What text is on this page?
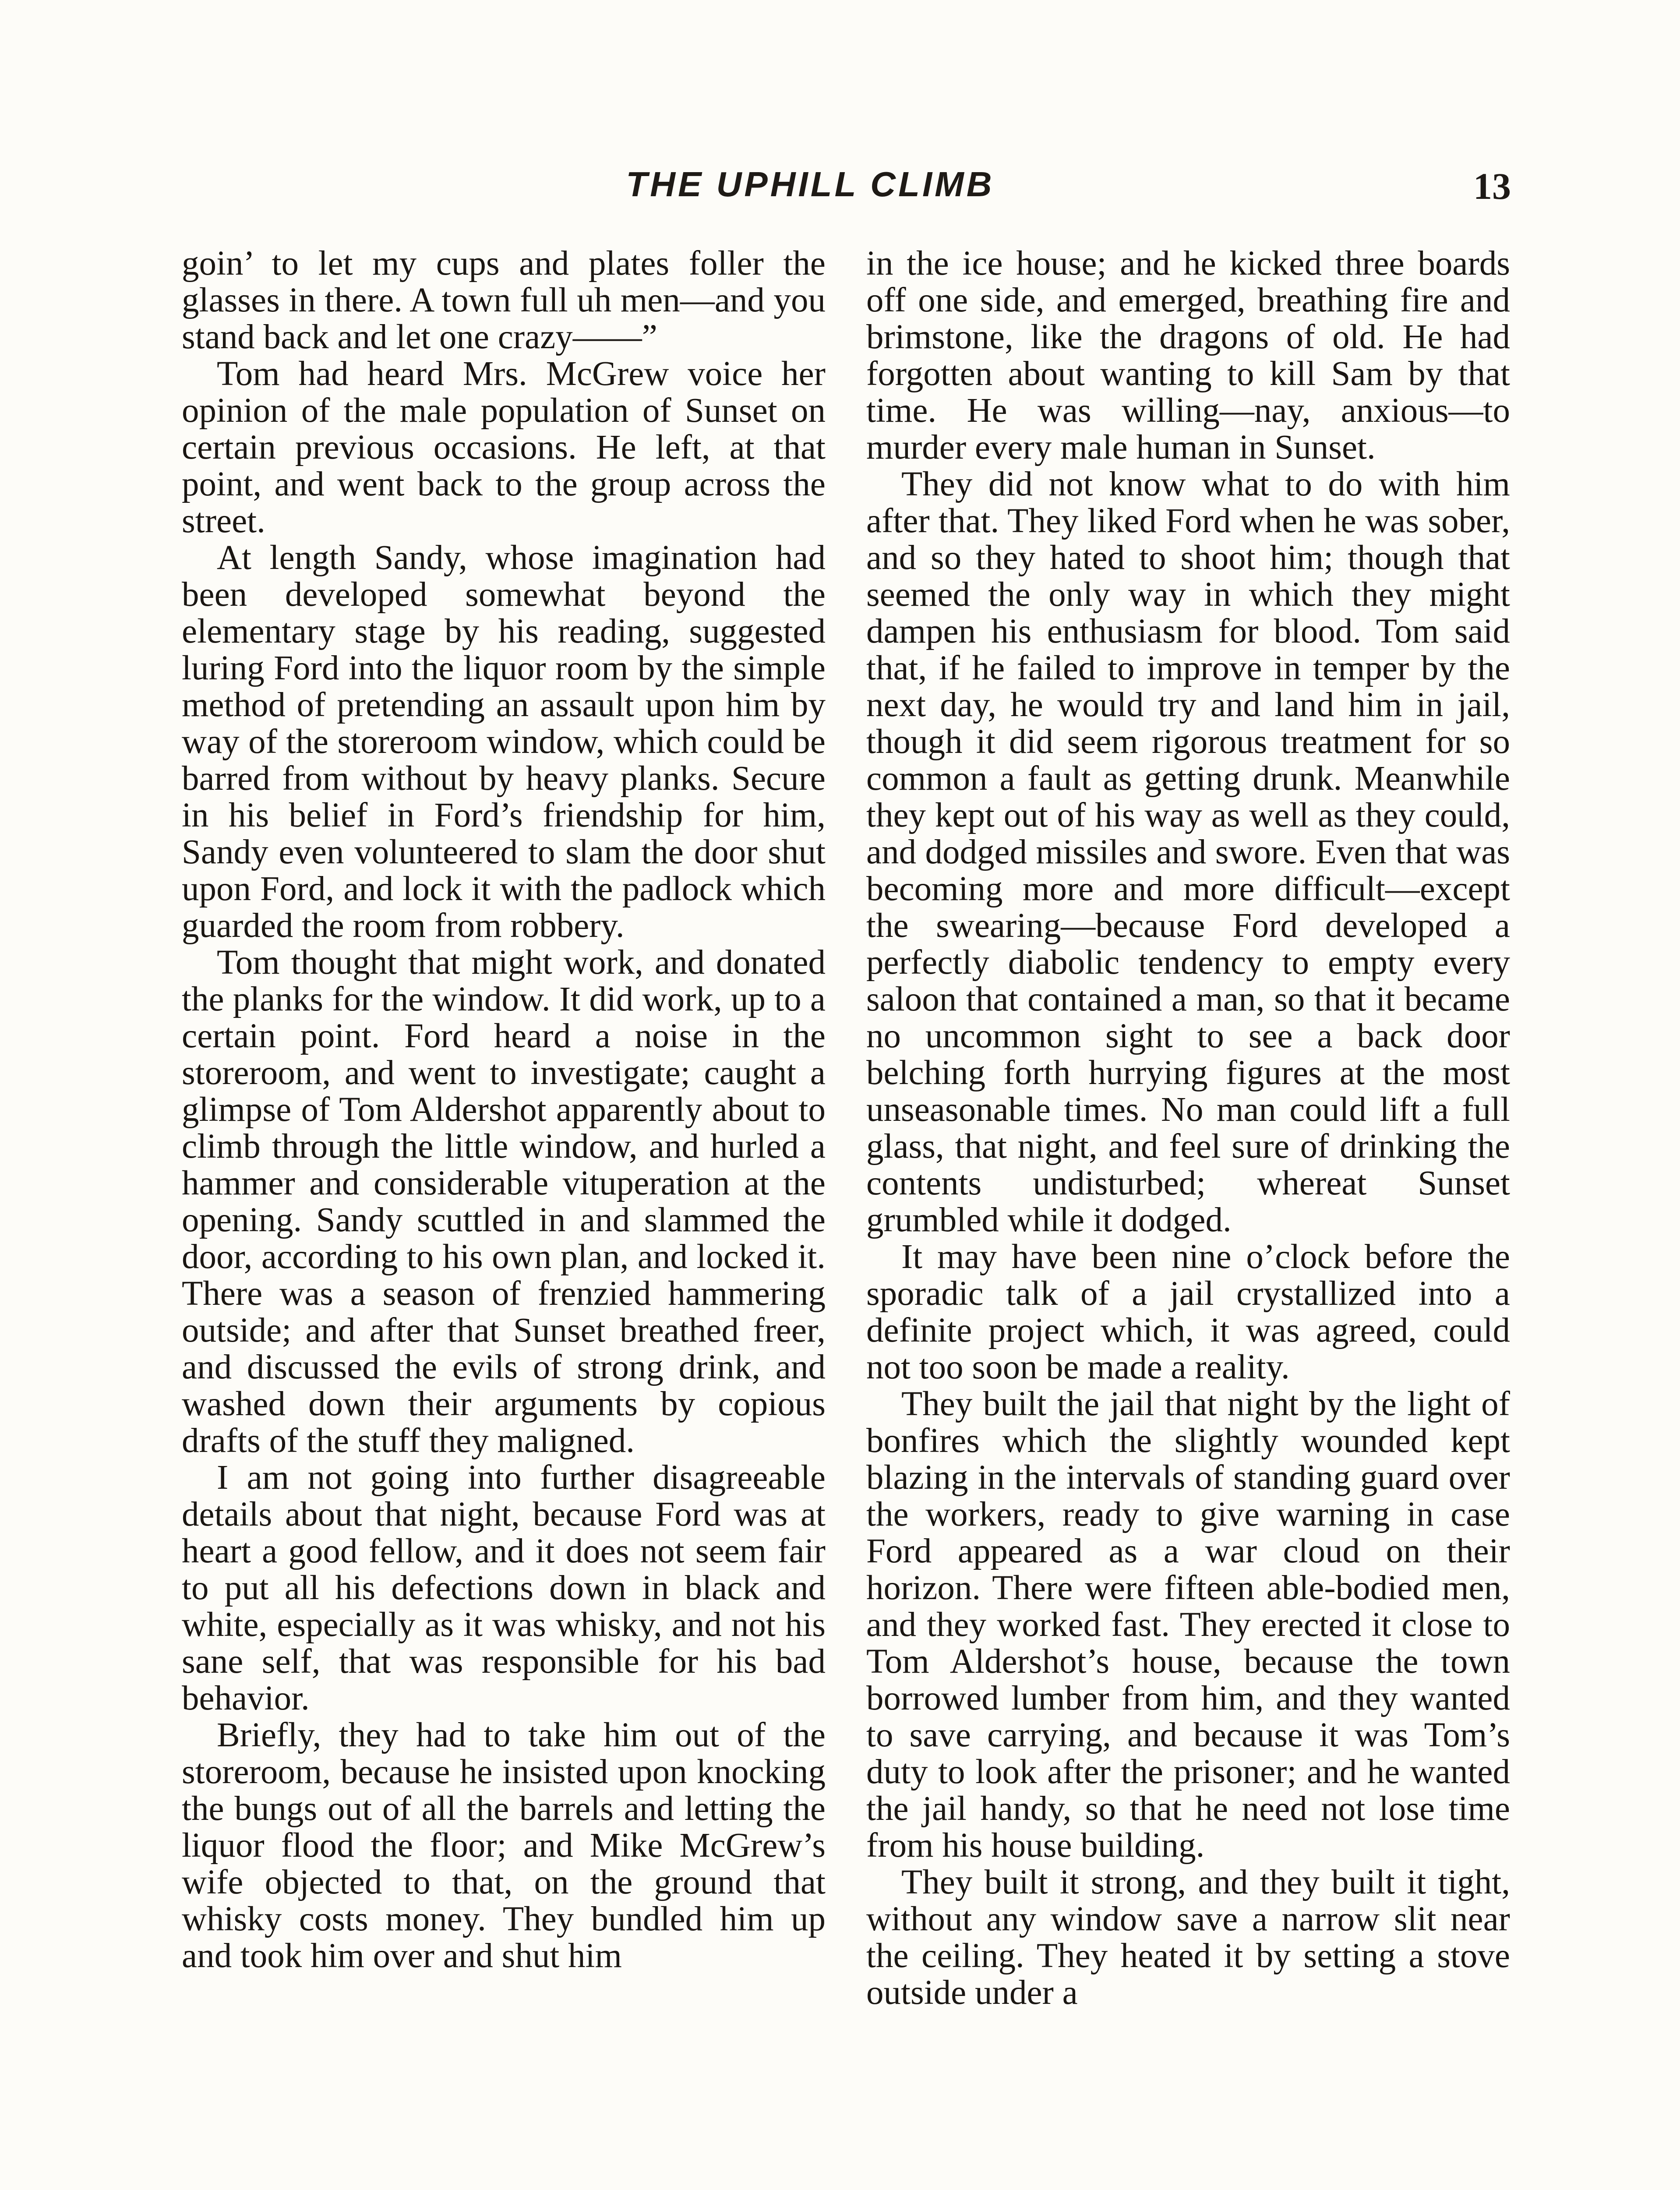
THE UPHILL CLIMB	13

goin’ to let my cups and plates foller the glasses in there. A town full uh men—and you stand back and let one crazy——”

Tom had heard Mrs. McGrew voice her opinion of the male population of Sunset on certain previous occasions. He left, at that point, and went back to the group across the street.

At length Sandy, whose imagination had been developed somewhat beyond the elementary stage by his reading, suggested luring Ford into the liquor room by the simple method of pretending an assault upon him by way of the storeroom window, which could be barred from without by heavy planks. Secure in his belief in Ford’s friendship for him, Sandy even volunteered to slam the door shut upon Ford, and lock it with the padlock which guarded the room from robbery.

Tom thought that might work, and donated the planks for the window. It did work, up to a certain point. Ford heard a noise in the storeroom, and went to investigate; caught a glimpse of Tom Aldershot apparently about to climb through the little window, and hurled a hammer and considerable vituperation at the opening. Sandy scuttled in and slammed the door, according to his own plan, and locked it. There was a season of frenzied hammering outside; and after that Sunset breathed freer, and discussed the evils of strong drink, and washed down their arguments by copious drafts of the stuff they maligned.

I am not going into further disagreeable details about that night, because Ford was at heart a good fellow, and it does not seem fair to put all his defections down in black and white, especially as it was whisky, and not his sane self, that was responsible for his bad behavior.

Briefly, they had to take him out of the storeroom, because he insisted upon knocking the bungs out of all the barrels and letting the liquor flood the floor; and Mike McGrew’s wife objected to that, on the ground that whisky costs money. They bundled him up and took him over and shut him

in the ice house; and he kicked three boards off one side, and emerged, breathing fire and brimstone, like the dragons of old. He had forgotten about wanting to kill Sam by that time. He was willing—nay, anxious—to murder every male human in Sunset.

They did not know what to do with him after that. They liked Ford when he was sober, and so they hated to shoot him; though that seemed the only way in which they might dampen his enthusiasm for blood. Tom said that, if he failed to improve in temper by the next day, he would try and land him in jail, though it did seem rigorous treatment for so common a fault as getting drunk. Meanwhile they kept out of his way as well as they could, and dodged missiles and swore. Even that was becoming more and more difficult—except the swearing—because Ford developed a perfectly diabolic tendency to empty every saloon that contained a man, so that it became no uncommon sight to see a back door belching forth hurrying figures at the most unseasonable times. No man could lift a full glass, that night, and feel sure of drinking the contents undisturbed; whereat Sunset grumbled while it dodged.

It may have been nine o’clock before the sporadic talk of a jail crystallized into a definite project which, it was agreed, could not too soon be made a reality.

They built the jail that night by the light of bonfires which the slightly wounded kept blazing in the intervals of standing guard over the workers, ready to give warning in case Ford appeared as a war cloud on their horizon. There were fifteen able-bodied men, and they worked fast. They erected it close to Tom Aldershot’s house, because the town borrowed lumber from him, and they wanted to save carrying, and because it was Tom’s duty to look after the prisoner; and he wanted the jail handy, so that he need not lose time from his house building.

They built it strong, and they built it tight, without any window save a narrow slit near the ceiling. They heated it by setting a stove outside under a
